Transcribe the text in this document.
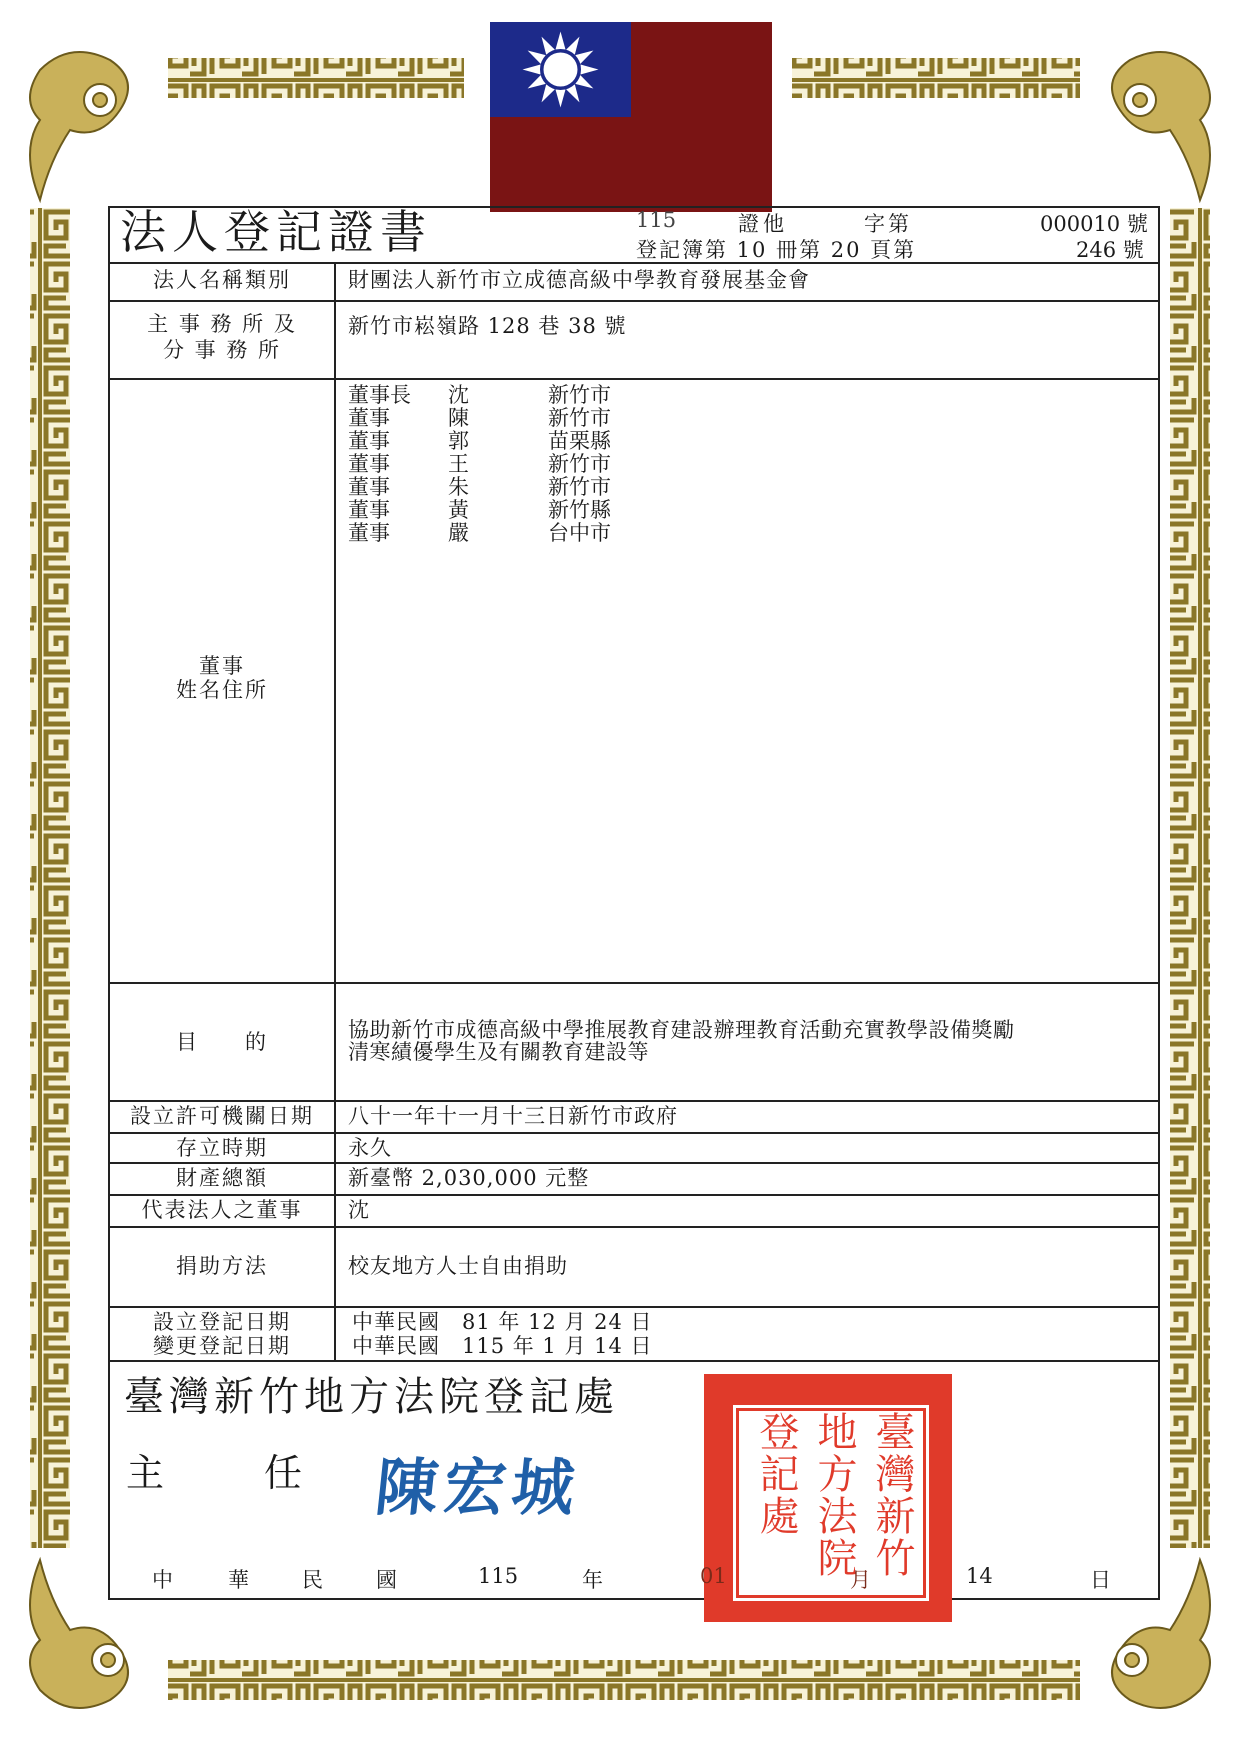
法人登記證書	115	證他	字第	000010 號
登記簿第 10 冊第 20 頁第	246 號
法人名稱類別	財團法人新竹市立成德高級中學教育發展基金會
主 事 務 所 及
分 事 務 所
新竹市崧嶺路 128 巷 38 號
董事
姓名住所
董事長 沈	新竹市
董事	陳	新竹市
董事	郭	苗栗縣
董事	王	新竹市
董事	朱	新竹市
董事	黃	新竹縣
董事	嚴	台中市
目　　的	協助新竹市成德高級中學推展教育建設辦理教育活動充實教學設備獎勵
清寒績優學生及有關教育建設等
設立許可機關日期	八十一年十一月十三日新竹市政府
存立時期	永久
財產總額	新臺幣 2,030,000 元整
代表法人之董事	沈
捐助方法	校友地方人士自由捐助
設立登記日期	中華民國　81 年 12 月 24 日
變更登記日期	中華民國　115 年 1 月 14 日
臺灣新竹地方法院登記處
主　　任 陳宏城	臺灣新竹地方法院登記處
中	華	民	國	115	年	01	月	14	日
